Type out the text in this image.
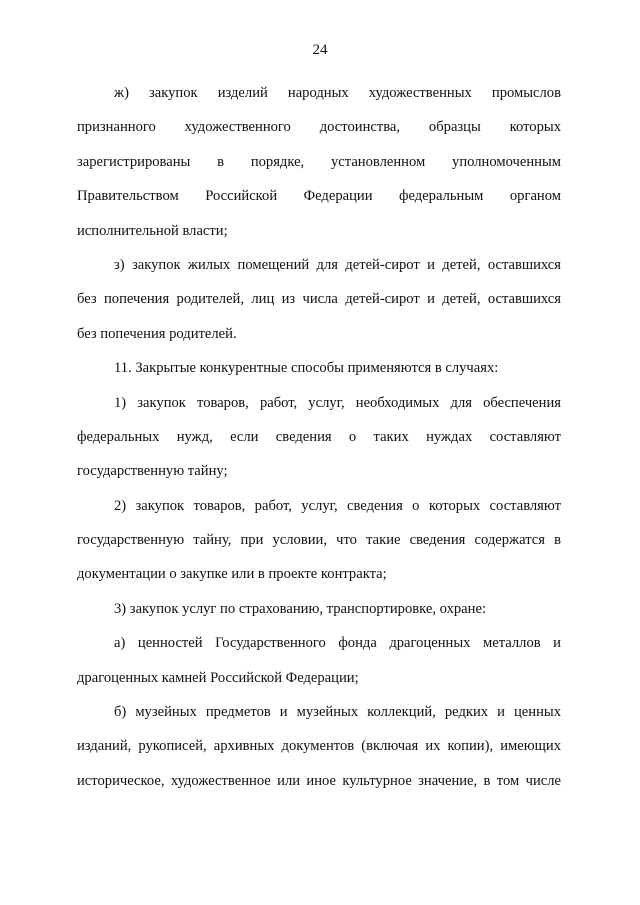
24
ж) закупок изделий народных художественных промыслов
признанного художественного достоинства, образцы которых
зарегистрированы в порядке, установленном уполномоченным
Правительством Российской Федерации федеральным органом
исполнительной власти;
з) закупок жилых помещений для детей-сирот и детей, оставшихся
без попечения родителей, лиц из числа детей-сирот и детей, оставшихся
без попечения родителей.
11. Закрытые конкурентные способы применяются в случаях:
1) закупок товаров, работ, услуг, необходимых для обеспечения
федеральных нужд, если сведения о таких нуждах составляют
государственную тайну;
2) закупок товаров, работ, услуг, сведения о которых составляют
государственную тайну, при условии, что такие сведения содержатся в
документации о закупке или в проекте контракта;
3) закупок услуг по страхованию, транспортировке, охране:
а) ценностей Государственного фонда драгоценных металлов и
драгоценных камней Российской Федерации;
б) музейных предметов и музейных коллекций, редких и ценных
изданий, рукописей, архивных документов (включая их копии), имеющих
историческое, художественное или иное культурное значение, в том числе
